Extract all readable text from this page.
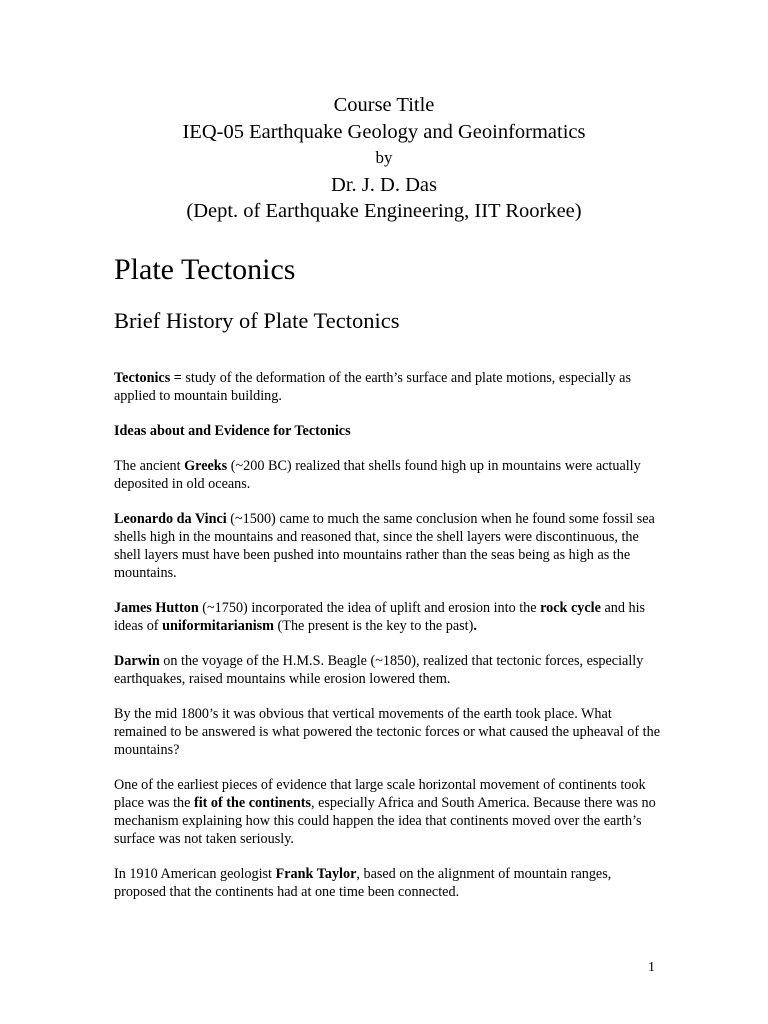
Course Title
IEQ-05 Earthquake Geology and Geoinformatics
by
Dr. J. D. Das
(Dept. of Earthquake Engineering, IIT Roorkee)
Plate Tectonics
Brief History of Plate Tectonics

Tectonics = study of the deformation of the earth’s surface and plate motions, especially as applied to mountain building.

Ideas about and Evidence for Tectonics

The ancient Greeks (~200 BC) realized that shells found high up in mountains were actually deposited in old oceans.

Leonardo da Vinci (~1500) came to much the same conclusion when he found some fossil sea shells high in the mountains and reasoned that, since the shell layers were discontinuous, the shell layers must have been pushed into mountains rather than the seas being as high as the mountains.

James Hutton (~1750) incorporated the idea of uplift and erosion into the rock cycle and his ideas of uniformitarianism (The present is the key to the past).

Darwin on the voyage of the H.M.S. Beagle (~1850), realized that tectonic forces, especially earthquakes, raised mountains while erosion lowered them.

By the mid 1800’s it was obvious that vertical movements of the earth took place. What remained to be answered is what powered the tectonic forces or what caused the upheaval of the mountains?

One of the earliest pieces of evidence that large scale horizontal movement of continents took place was the fit of the continents, especially Africa and South America. Because there was no mechanism explaining how this could happen the idea that continents moved over the earth’s surface was not taken seriously.

In 1910 American geologist Frank Taylor, based on the alignment of mountain ranges, proposed that the continents had at one time been connected.

1
